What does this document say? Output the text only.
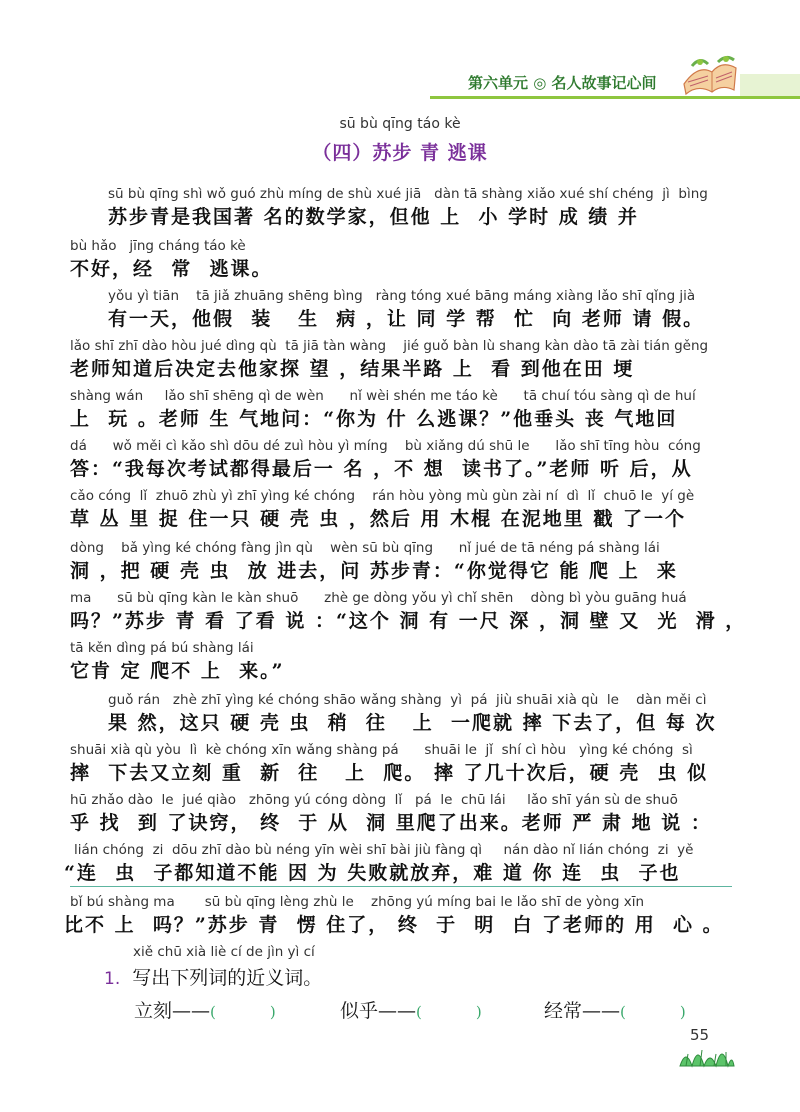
第六单元 ◎ 名人故事记心间
sū bù qīng táo kè
（四）苏步 青 逃课
sū bù qīng shì wǒ guó zhù míng de shù xué jiā   dàn tā shàng xiǎo xué shí chéng  jì  bìng
苏步青是我国著 名的数学家，但他 上  小 学时 成 绩 并
bù hǎo   jīng cháng táo kè
不好，经  常  逃课。
yǒu yì tiān    tā jiǎ zhuāng shēng bìng   ràng tóng xué bāng máng xiàng lǎo shī qǐng jià
有一天，他假  装   生  病 ，让 同 学 帮  忙  向 老师 请 假。
lǎo shī zhī dào hòu jué dìng qù  tā jiā tàn wàng    jié guǒ bàn lù shang kàn dào tā zài tián gěng
老师知道后决定去他家探 望 ，结果半路 上  看 到他在田 埂
shàng wán     lǎo shī shēng qì de wèn      nǐ wèi shén me táo kè      tā chuí tóu sàng qì de huí
上  玩 。老师 生 气地问：“你为 什 么逃课？”他垂头 丧 气地回
dá      wǒ měi cì kǎo shì dōu dé zuì hòu yì míng    bù xiǎng dú shū le      lǎo shī tīng hòu  cóng
答：“我每次考试都得最后一 名 ，不 想  读书了。”老师 听 后，从
cǎo cóng  lǐ  zhuō zhù yì zhī yìng ké chóng    rán hòu yòng mù gùn zài ní  dì  lǐ  chuō le  yí gè
草 丛 里 捉 住一只 硬 壳 虫 ，然后 用 木棍 在泥地里 戳 了一个
dòng    bǎ yìng ké chóng fàng jìn qù    wèn sū bù qīng      nǐ jué de tā néng pá shàng lái
洞 ，把 硬 壳 虫  放 进去，问 苏步青：“你觉得它 能 爬 上  来
ma      sū bù qīng kàn le kàn shuō      zhè ge dòng yǒu yì chǐ shēn    dòng bì yòu guāng huá
吗？”苏步 青 看 了看 说 ：“这个 洞 有 一尺 深 ，洞 壁 又  光  滑 ，
tā kěn dìng pá bú shàng lái
它肯 定 爬不 上  来。”
guǒ rán   zhè zhī yìng ké chóng shāo wǎng shàng  yì  pá  jiù shuāi xià qù  le    dàn měi cì
果 然，这只 硬 壳 虫  稍  往   上  一爬就 摔 下去了，但 每 次
shuāi xià qù yòu  lì  kè chóng xīn wǎng shàng pá      shuāi le  jǐ  shí cì hòu   yìng ké chóng  sì
摔  下去又立刻 重  新  往   上  爬。 摔 了几十次后，硬 壳  虫 似
hū zhǎo dào  le  jué qiào   zhōng yú cóng dòng  lǐ   pá  le  chū lái     lǎo shī yán sù de shuō
乎 找  到 了诀窍， 终  于 从  洞 里爬了出来。老师 严 肃 地 说 ：
lián chóng  zi  dōu zhī dào bù néng yīn wèi shī bài jiù fàng qì     nán dào nǐ lián chóng  zi  yě
“连  虫  子都知道不能 因 为 失败就放弃，难 道 你 连  虫  子也
bǐ bú shàng ma       sū bù qīng lèng zhù le    zhōng yú míng bai le lǎo shī de yòng xīn
比不 上  吗？”苏步 青  愣 住了， 终  于  明  白 了老师的 用  心 。
xiě chū xià liè cí de jìn yì cí
1. 写出下列词的近义词。
立刻——(	)	似乎——(	)	经常——(	)
55
